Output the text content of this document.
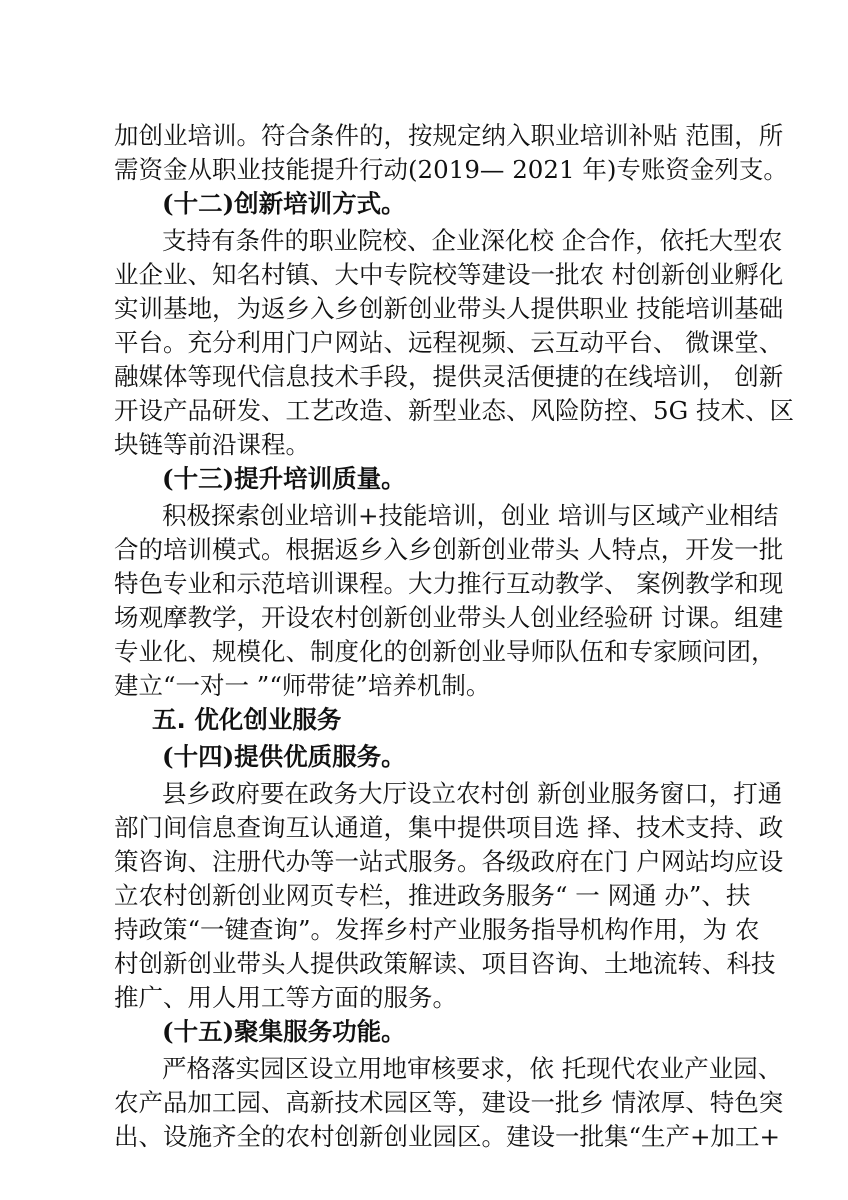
加创业培训。符合条件的，按规定纳入职业培训补贴 范围，所
需资金从职业技能提升行动(2019— 2021 年)专账资金列支。
(十二)创新培训方式。
支持有条件的职业院校、企业深化校 企合作，依托大型农
业企业、知名村镇、大中专院校等建设一批农 村创新创业孵化
实训基地，为返乡入乡创新创业带头人提供职业 技能培训基础
平台。充分利用门户网站、远程视频、云互动平台、 微课堂、
融媒体等现代信息技术手段，提供灵活便捷的在线培训， 创新
开设产品研发、工艺改造、新型业态、风险防控、5G 技术、区
块链等前沿课程。
(十三)提升培训质量。
积极探索创业培训+技能培训，创业 培训与区域产业相结
合的培训模式。根据返乡入乡创新创业带头 人特点，开发一批
特色专业和示范培训课程。大力推行互动教学、 案例教学和现
场观摩教学，开设农村创新创业带头人创业经验研 讨课。组建
专业化、规模化、制度化的创新创业导师队伍和专家顾问团，
建立“一对一 ”“师带徒”培养机制。
五. 优化创业服务
(十四)提供优质服务。
县乡政府要在政务大厅设立农村创 新创业服务窗口，打通
部门间信息查询互认通道，集中提供项目选 择、技术支持、政
策咨询、注册代办等一站式服务。各级政府在门 户网站均应设
立农村创新创业网页专栏，推进政务服务“ 一 网通 办”、扶
持政策“一键查询”。发挥乡村产业服务指导机构作用，为 农
村创新创业带头人提供政策解读、项目咨询、土地流转、科技
推广、用人用工等方面的服务。
(十五)聚集服务功能。
严格落实园区设立用地审核要求，依 托现代农业产业园、
农产品加工园、高新技术园区等，建设一批乡 情浓厚、特色突
出、设施齐全的农村创新创业园区。建设一批集“生产+加工+
